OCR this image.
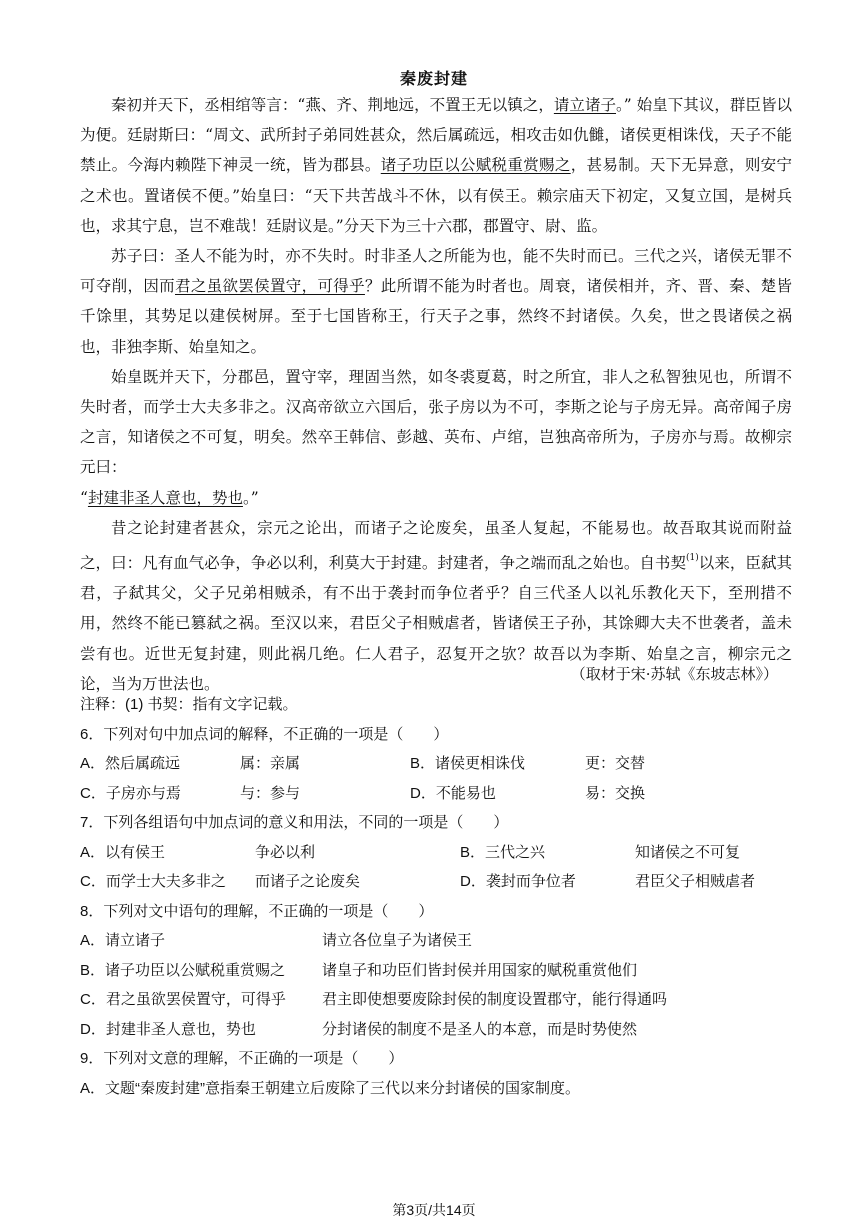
秦废封建

秦初并天下，丞相绾等言：“燕、齐、荆地远，不置王无以镇之，请立诸子。” 始皇下其议，群臣皆以为便。廷尉斯曰：“周文、武所封子弟同姓甚众，然后属疏远，相攻击如仇雠，诸侯更相诛伐，天子不能禁止。今海内赖陛下神灵一统，皆为郡县。诸子功臣以公赋税重赏赐之，甚易制。天下无异意，则安宁之术也。置诸侯不便。”始皇曰：“天下共苦战斗不休，以有侯王。赖宗庙天下初定，又复立国，是树兵也，求其宁息，岂不难哉！廷尉议是。”分天下为三十六郡，郡置守、尉、监。

苏子曰：圣人不能为时，亦不失时。时非圣人之所能为也，能不失时而已。三代之兴，诸侯无罪不可夺削，因而君之虽欲罢侯置守，可得乎？此所谓不能为时者也。周衰，诸侯相并，齐、晋、秦、楚皆千馀里，其势足以建侯树屏。至于七国皆称王，行天子之事，然终不封诸侯。久矣，世之畏诸侯之祸也，非独李斯、始皇知之。

始皇既并天下，分郡邑，置守宰，理固当然，如冬裘夏葛，时之所宜，非人之私智独见也，所谓不失时者，而学士大夫多非之。汉高帝欲立六国后，张子房以为不可，李斯之论与子房无异。高帝闻子房之言，知诸侯之不可复，明矣。然卒王韩信、彭越、英布、卢绾，岂独高帝所为，子房亦与焉。故柳宗元曰：
“封建非圣人意也，势也。”

昔之论封建者甚众，宗元之论出，而诸子之论废矣，虽圣人复起，不能易也。故吾取其说而附益之，曰：凡有血气必争，争必以利，利莫大于封建。封建者，争之端而乱之始也。自书契$^{(1)}$以来，臣弑其君，子弑其父，父子兄弟相贼杀，有不出于袭封而争位者乎？自三代圣人以礼乐教化天下，至刑措不用，然终不能已篡弑之祸。至汉以来，君臣父子相贼虐者，皆诸侯王子孙，其馀卿大夫不世袭者，盖未尝有也。近世无复封建，则此祸几绝。仁人君子，忍复开之欤？故吾以为李斯、始皇之言，柳宗元之论，当为万世法也。

（取材于宋·苏轼《东坡志林》）
注释：(1) 书契：指有文字记载。
6．下列对句中加点词的解释，不正确的一项是（　　）
A．然后属疏远	属：亲属	B．诸侯更相诛伐	更：交替
C．子房亦与焉	与：参与	D．不能易也	易：交换
7．下列各组语句中加点词的意义和用法，不同的一项是（　　）
A．以有侯王	争必以利	B．三代之兴	知诸侯之不可复
C．而学士大夫多非之	而诸子之论废矣	D．袭封而争位者	君臣父子相贼虐者
8．下列对文中语句的理解，不正确的一项是（　　）
A．请立诸子	请立各位皇子为诸侯王
B．诸子功臣以公赋税重赏赐之	诸皇子和功臣们皆封侯并用国家的赋税重赏他们
C．君之虽欲罢侯置守，可得乎	君主即使想要废除封侯的制度设置郡守，能行得通吗
D．封建非圣人意也，势也	分封诸侯的制度不是圣人的本意，而是时势使然
9．下列对文意的理解，不正确的一项是（　　）
A．文题“秦废封建”意指秦王朝建立后废除了三代以来分封诸侯的国家制度。
第3页/共14页
